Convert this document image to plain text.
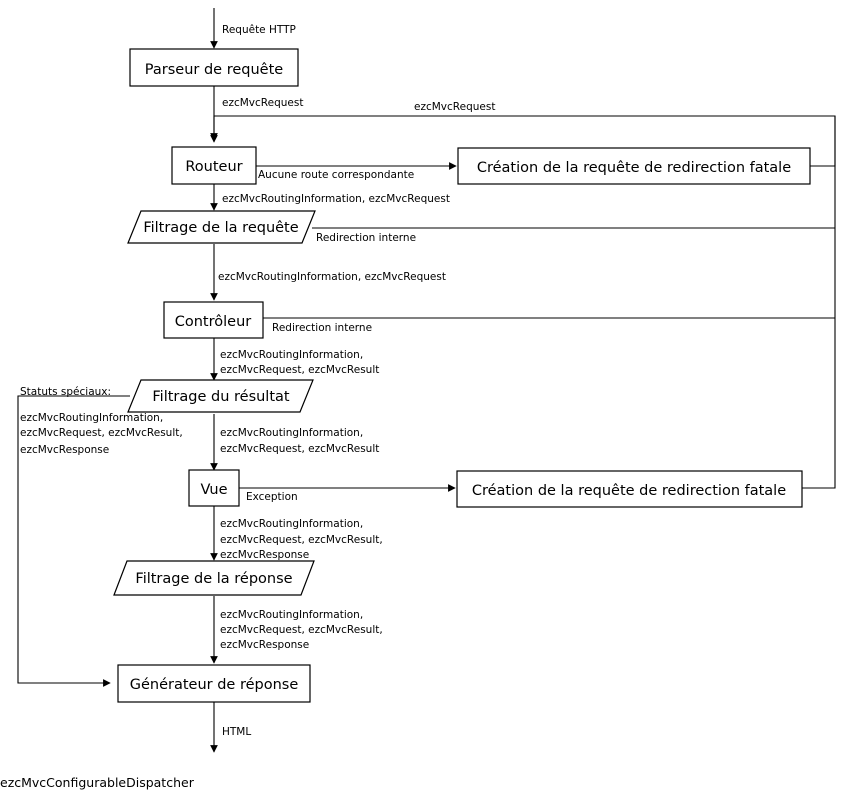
Parseur de requête
Routeur
Filtrage de la requête
Contrôleur
Filtrage du résultat
Vue
Filtrage de la réponse
Générateur de réponse
Création de la requête de redirection fatale
Création de la requête de redirection fatale
Requête HTTP
ezcMvcRequest	ezcMvcRequest
Aucune route correspondante
ezcMvcRoutingInformation, ezcMvcRequest
Redirection interne
ezcMvcRoutingInformation, ezcMvcRequest
Redirection interne
ezcMvcRoutingInformation,
ezcMvcRequest, ezcMvcResult
Statuts spéciaux:
ezcMvcRoutingInformation,
ezcMvcRequest, ezcMvcResult,
ezcMvcResponse
ezcMvcRoutingInformation,
ezcMvcRequest, ezcMvcResult
Exception
ezcMvcRoutingInformation,
ezcMvcRequest, ezcMvcResult,
ezcMvcResponse
ezcMvcRoutingInformation,
ezcMvcRequest, ezcMvcResult,
ezcMvcResponse
HTML
ezcMvcConfigurableDispatcher
